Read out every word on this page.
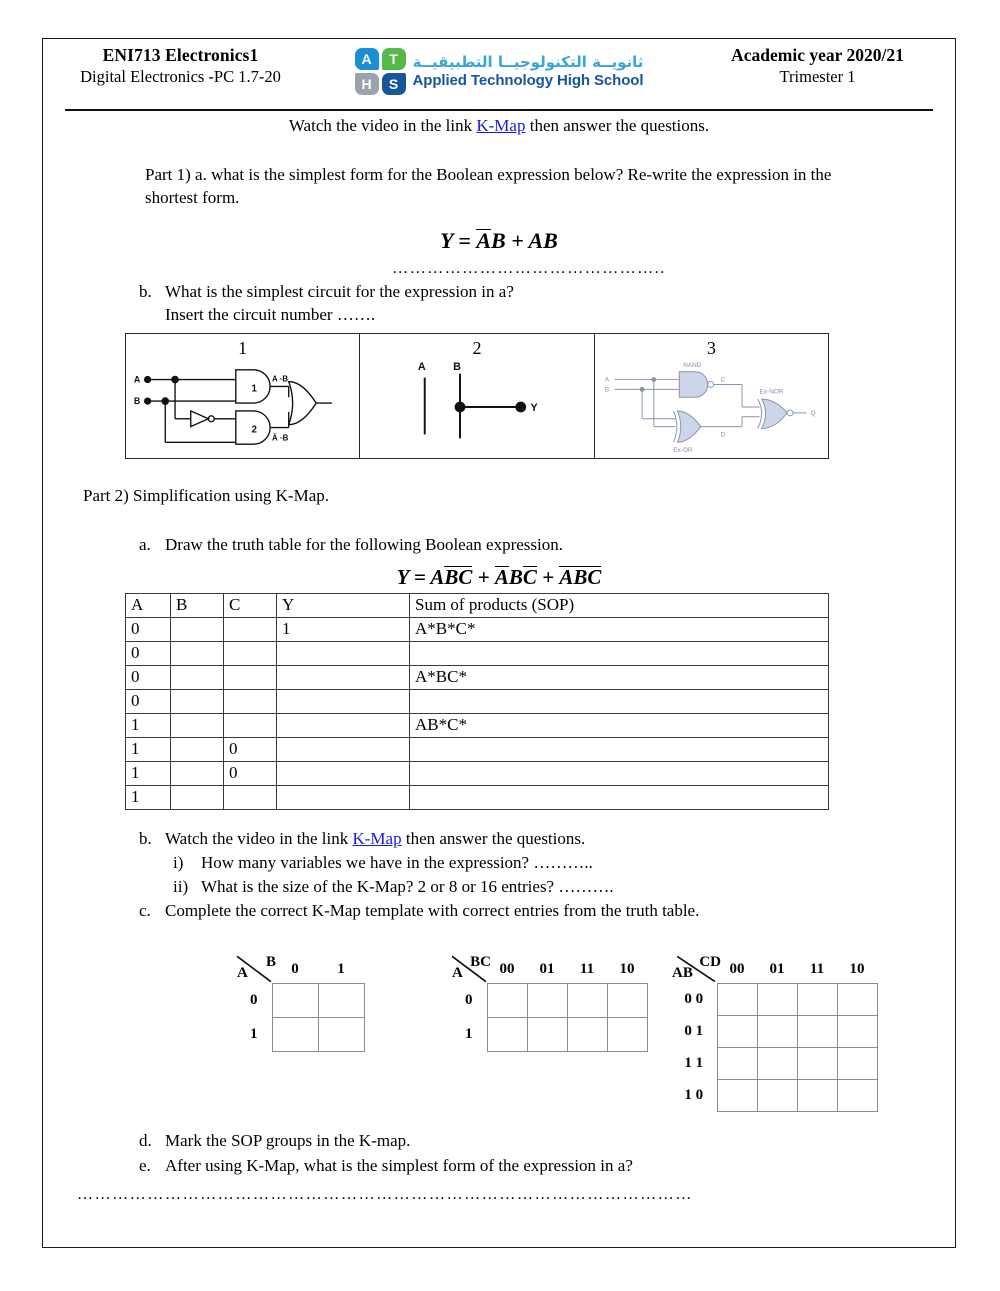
ENI713 Electronics1
Digital Electronics -PC 1.7-20
A	T
H	S
ثانويــة التكنولوجيــا التطبيقيــة
Applied Technology High School
Academic year 2020/21
Trimester 1
Watch the video in the link K-Map then answer the questions.
Part 1) a. what is the simplest form for the Boolean expression below? Re-write the expression in the shortest form.
Y = AB + AB
………………………………………..
b. What is the simplest circuit for the expression in a?
Insert the circuit number …….
1
A
B
1
2
A ▫B
A̅ ▫B
2
A B
Y
3
A
B
NAND
Ex-OR
Ex-NOR
C
D
Q
Part 2) Simplification using K-Map.
a. Draw the truth table for the following Boolean expression.
Y = ABC + ABC + ABC
A	B	C	Y	Sum of products (SOP)
0			1	A*B*C*
0				
0				A*BC*
0				
1				AB*C*
1		0		
1		0		
1				
b. Watch the video in the link K-Map then answer the questions.
i) How many variables we have in the expression? ………..
ii) What is the size of the K-Map? 2 or 8 or 16 entries? ……….
c. Complete the correct K-Map template with correct entries from the truth table.
A
B	0	1
0		
1		
A
BC	00	01	11	10
0				
1				
AB
CD	00	01	11	10
0 0				
0 1				
1 1				
1 0				
d. Mark the SOP groups in the K-map.
e. After using K-Map, what is the simplest form of the expression in a?
……………………………………………………………………………………………
